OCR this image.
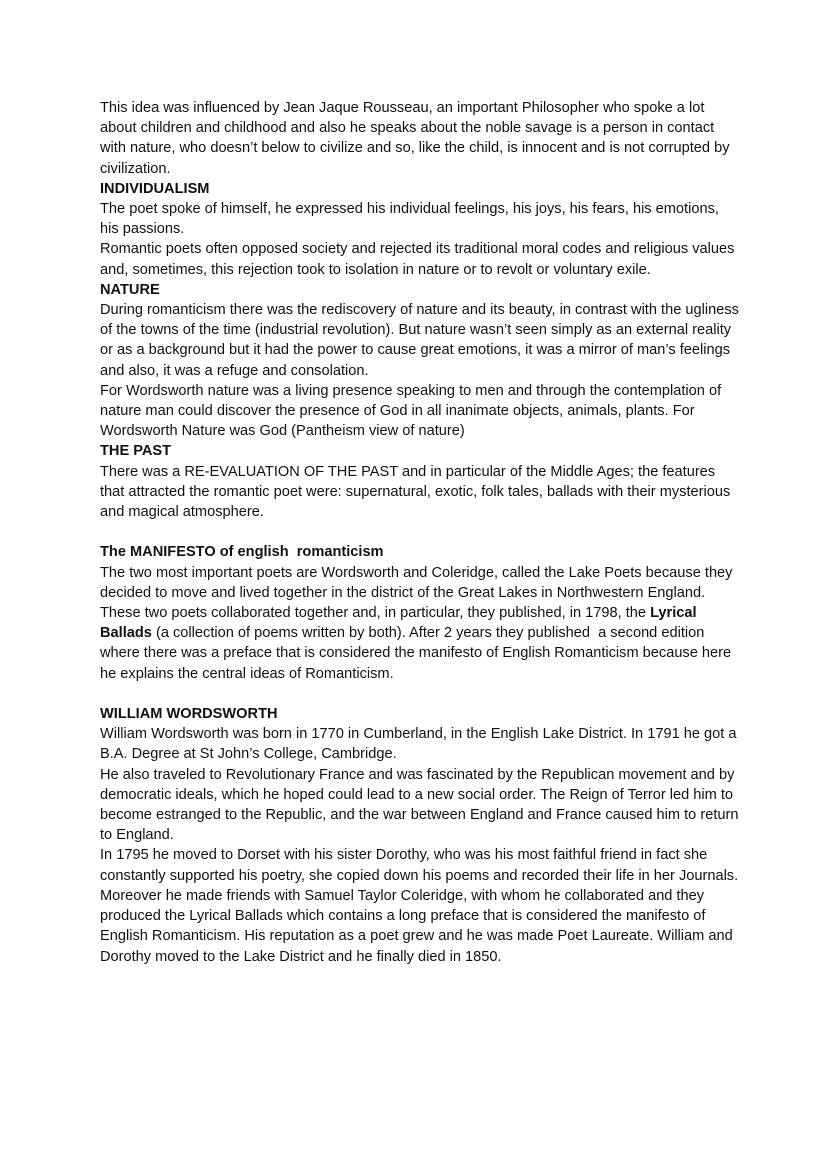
This idea was influenced by Jean Jaque Rousseau, an important Philosopher who spoke a lot about children and childhood and also he speaks about the noble savage is a person in contact with nature, who doesn’t below to civilize and so, like the child, is innocent and is not corrupted by civilization.

INDIVIDUALISM

The poet spoke of himself, he expressed his individual feelings, his joys, his fears, his emotions, his passions.

Romantic poets often opposed society and rejected its traditional moral codes and religious values and, sometimes, this rejection took to isolation in nature or to revolt or voluntary exile.

NATURE

During romanticism there was the rediscovery of nature and its beauty, in contrast with the ugliness of the towns of the time (industrial revolution). But nature wasn’t seen simply as an external reality or as a background but it had the power to cause great emotions, it was a mirror of man’s feelings and also, it was a refuge and consolation.

For Wordsworth nature was a living presence speaking to men and through the contemplation of nature man could discover the presence of God in all inanimate objects, animals, plants. For Wordsworth Nature was God (Pantheism view of nature)

THE PAST

There was a RE-EVALUATION OF THE PAST and in particular of the Middle Ages; the features that attracted the romantic poet were: supernatural, exotic, folk tales, ballads with their mysterious and magical atmosphere.

The MANIFESTO of english  romanticism

The two most important poets are Wordsworth and Coleridge, called the Lake Poets because they decided to move and lived together in the district of the Great Lakes in Northwestern England.

These two poets collaborated together and, in particular, they published, in 1798, the Lyrical Ballads (a collection of poems written by both). After 2 years they published  a second edition where there was a preface that is considered the manifesto of English Romanticism because here he explains the central ideas of Romanticism.

WILLIAM WORDSWORTH

William Wordsworth was born in 1770 in Cumberland, in the English Lake District. In 1791 he got a B.A. Degree at St John’s College, Cambridge.

He also traveled to Revolutionary France and was fascinated by the Republican movement and by democratic ideals, which he hoped could lead to a new social order. The Reign of Terror led him to become estranged to the Republic, and the war between England and France caused him to return to England.

In 1795 he moved to Dorset with his sister Dorothy, who was his most faithful friend in fact she constantly supported his poetry, she copied down his poems and recorded their life in her Journals. Moreover he made friends with Samuel Taylor Coleridge, with whom he collaborated and they produced the Lyrical Ballads which contains a long preface that is considered the manifesto of English Romanticism. His reputation as a poet grew and he was made Poet Laureate. William and Dorothy moved to the Lake District and he finally died in 1850.
